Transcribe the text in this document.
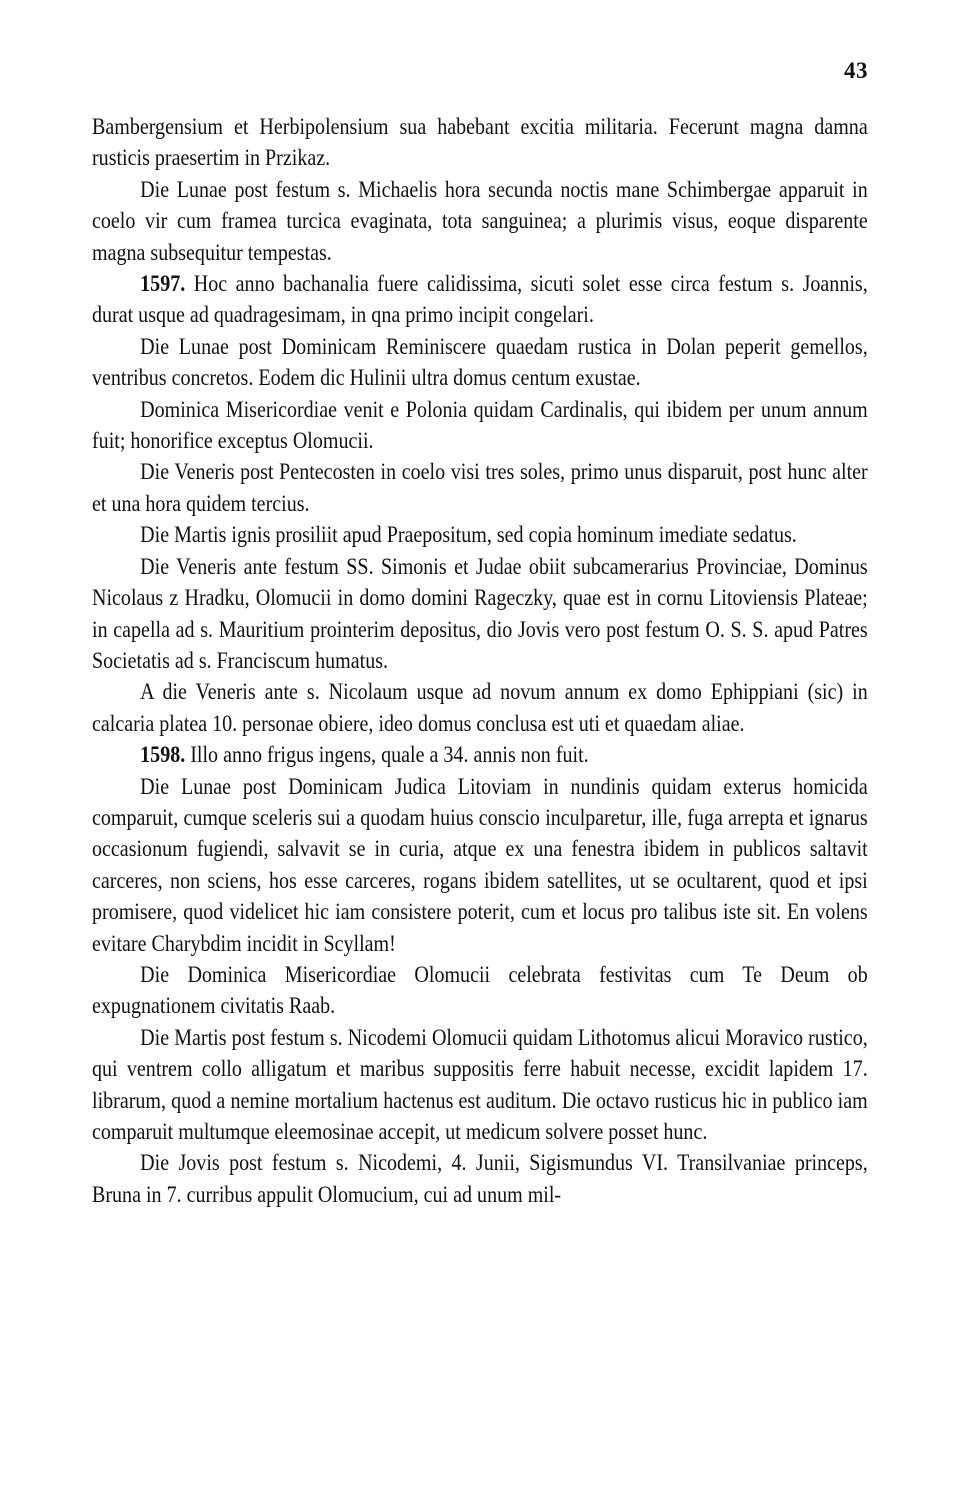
43

Bambergensium et Herbipolensium sua habebant excitia militaria. Fecerunt magna damna rusticis praesertim in Przikaz.

Die Lunae post festum s. Michaelis hora secunda noctis mane Schimbergae apparuit in coelo vir cum framea turcica evaginata, tota sanguinea; a plurimis visus, eoque disparente magna subsequitur tempestas.

1597. Hoc anno bachanalia fuere calidissima, sicuti solet esse circa festum s. Joannis, durat usque ad quadragesimam, in qna primo incipit congelari.

Die Lunae post Dominicam Reminiscere quaedam rustica in Dolan peperit gemellos, ventribus concretos. Eodem dic Hulinii ultra domus centum exustae.

Dominica Misericordiae venit e Polonia quidam Cardinalis, qui ibidem per unum annum fuit; honorifice exceptus Olomucii.

Die Veneris post Pentecosten in coelo visi tres soles, primo unus disparuit, post hunc alter et una hora quidem tercius.

Die Martis ignis prosiliit apud Praepositum, sed copia hominum imediate sedatus.

Die Veneris ante festum SS. Simonis et Judae obiit subcamerarius Provinciae, Dominus Nicolaus z Hradku, Olomucii in domo domini Rageczky, quae est in cornu Litoviensis Plateae; in capella ad s. Mauritium prointerim depositus, dio Jovis vero post festum O. S. S. apud Patres Societatis ad s. Franciscum humatus.

A die Veneris ante s. Nicolaum usque ad novum annum ex domo Ephippiani (sic) in calcaria platea 10. personae obiere, ideo domus conclusa est uti et quaedam aliae.

1598. Illo anno frigus ingens, quale a 34. annis non fuit.

Die Lunae post Dominicam Judica Litoviam in nundinis quidam exterus homicida comparuit, cumque sceleris sui a quodam huius conscio inculparetur, ille, fuga arrepta et ignarus occasionum fugiendi, salvavit se in curia, atque ex una fenestra ibidem in publicos saltavit carceres, non sciens, hos esse carceres, rogans ibidem satellites, ut se ocultarent, quod et ipsi promisere, quod videlicet hic iam consistere poterit, cum et locus pro talibus iste sit. En volens evitare Charybdim incidit in Scyllam!

Die Dominica Misericordiae Olomucii celebrata festivitas cum Te Deum ob expugnationem civitatis Raab.

Die Martis post festum s. Nicodemi Olomucii quidam Lithotomus alicui Moravico rustico, qui ventrem collo alligatum et maribus suppositis ferre habuit necesse, excidit lapidem 17. librarum, quod a nemine mortalium hactenus est auditum. Die octavo rusticus hic in publico iam comparuit multumque eleemosinae accepit, ut medicum solvere posset hunc.

Die Jovis post festum s. Nicodemi, 4. Junii, Sigismundus VI. Transilvaniae princeps, Bruna in 7. curribus appulit Olomucium, cui ad unum mil-
